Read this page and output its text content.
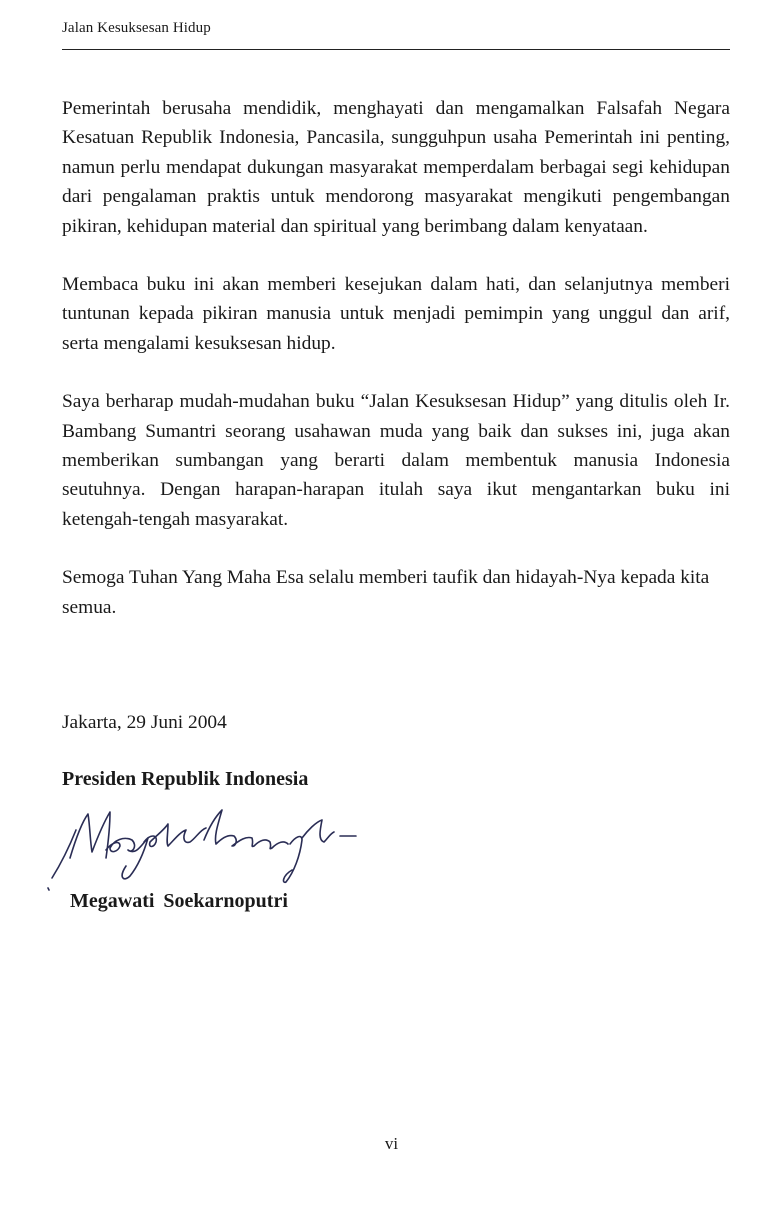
Jalan Kesuksesan Hidup

Pemerintah berusaha mendidik, menghayati dan mengamalkan Falsafah Negara Kesatuan Republik Indonesia, Pancasila, sungguhpun usaha Pemerintah ini penting, namun perlu mendapat dukungan masyarakat memperdalam berbagai segi kehidupan dari pengalaman praktis untuk mendorong masyarakat mengikuti pengembangan pikiran, kehidupan material dan spiritual yang berimbang dalam kenyataan.

Membaca buku ini akan memberi kesejukan dalam hati, dan selanjutnya memberi tuntunan kepada pikiran manusia untuk menjadi pemimpin yang unggul dan arif, serta mengalami kesuksesan hidup.

Saya berharap mudah-mudahan buku “Jalan Kesuksesan Hidup” yang ditulis oleh Ir. Bambang Sumantri seorang usahawan muda yang baik dan sukses ini, juga akan memberikan sumbangan yang berarti dalam membentuk manusia Indonesia seutuhnya. Dengan harapan-harapan itulah saya ikut mengantarkan buku ini ketengah-tengah masyarakat.

Semoga Tuhan Yang Maha Esa selalu memberi taufik dan hidayah-Nya kepada kita semua.

Jakarta, 29 Juni 2004
Presiden Republik Indonesia
Megawati Soekarnoputri
vi
